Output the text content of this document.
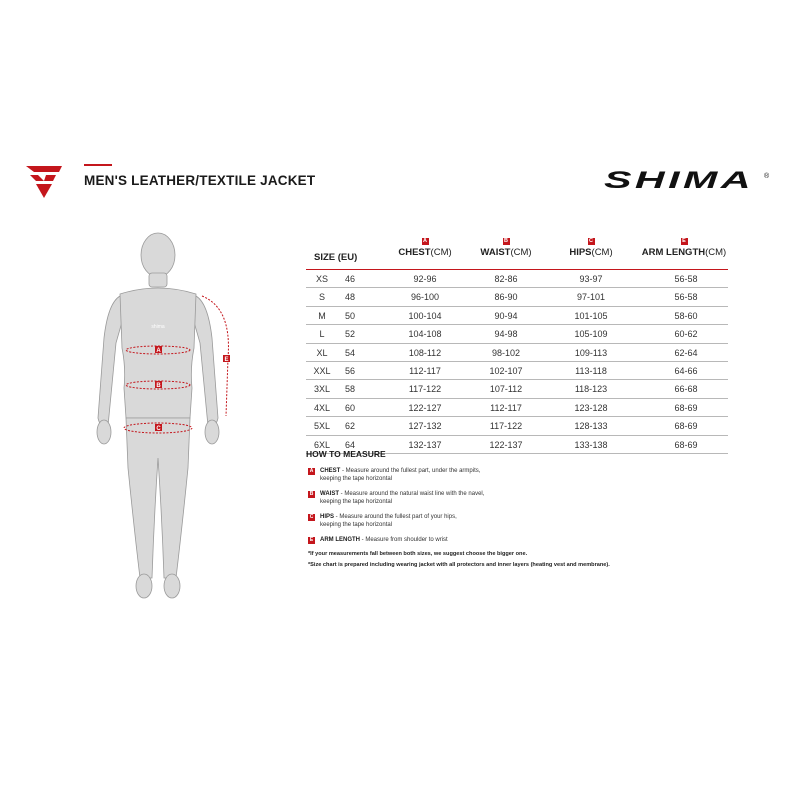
MEN'S LEATHER/TEXTILE JACKET	SHIMA ®
A
B
C
E
shima
SIZE (EU)
A
CHEST(CM)
B
WAIST(CM)
C
HIPS(CM)
E
ARM LENGTH(CM)
XS	46	92-96	82-86	93-97	56-58
S	48	96-100	86-90	97-101	56-58
M	50	100-104	90-94	101-105	58-60
L	52	104-108	94-98	105-109	60-62
XL	54	108-112	98-102	109-113	62-64
XXL	56	112-117	102-107	113-118	64-66
3XL	58	117-122	107-112	118-123	66-68
4XL	60	122-127	112-117	123-128	68-69
5XL	62	127-132	117-122	128-133	68-69
6XL	64	132-137	122-137	133-138	68-69
HOW TO MEASURE
A CHEST - Measure around the fullest part, under the armpits,
keeping the tape horizontal
B WAIST - Measure around the natural waist line with the navel,
keeping the tape horizontal
C HIPS - Measure around the fullest part of your hips,
keeping the tape horizontal
E	ARM LENGTH - Measure from shoulder to wrist
*If your measurements fall between both sizes, we suggest choose the bigger one.
*Size chart is prepared including wearing jacket with all protectors and inner layers (heating vest and membrane).
